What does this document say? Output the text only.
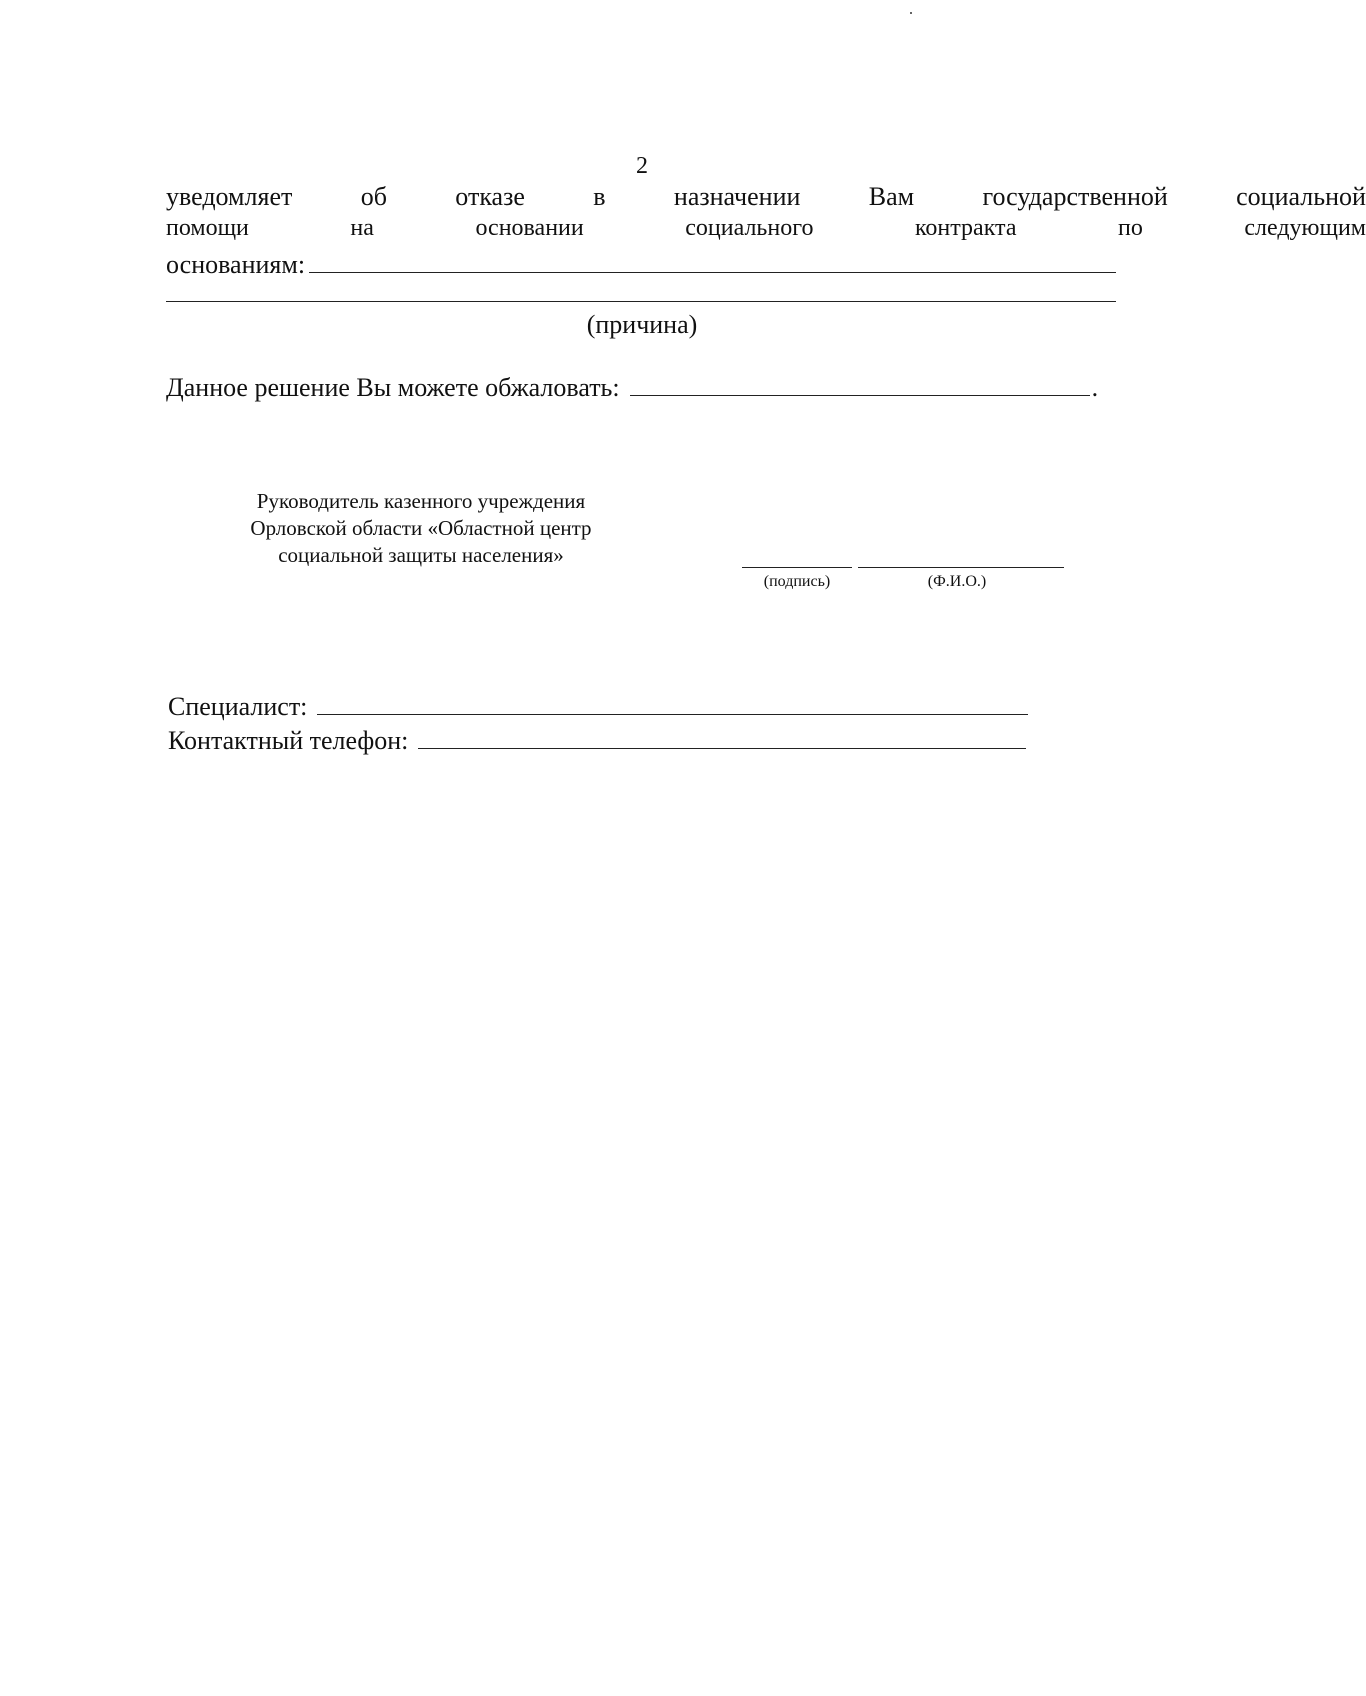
2
уведомляет	об	отказе	в	назначении	Вам	государственной	социальной
помощи	на	основании	социального	контракта	по	следующим
основаниям:
(причина)
Данное решение Вы можете обжаловать:	.
Руководитель казенного учреждения
Орловской области «Областной центр
социальной защиты населения»
(подпись)	(Ф.И.О.)
Специалист:
Контактный телефон:
